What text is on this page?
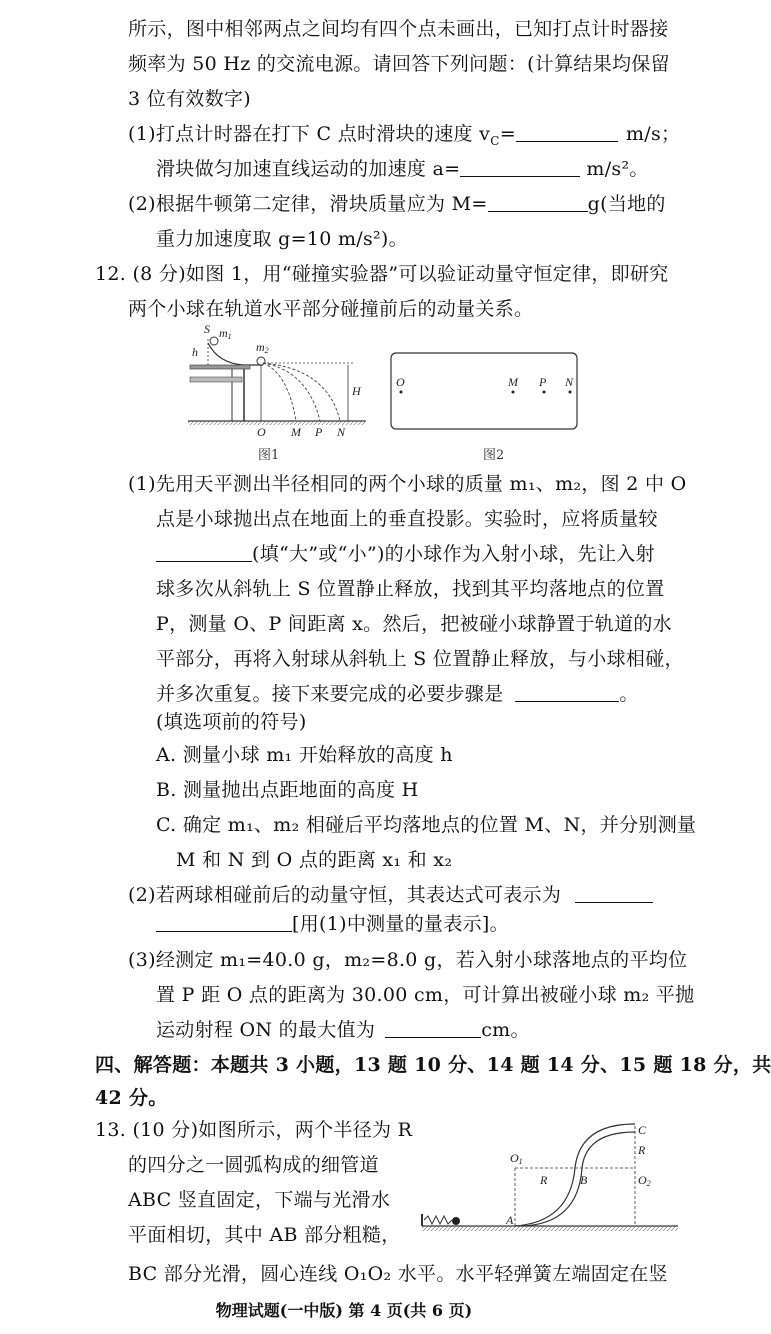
所示，图中相邻两点之间均有四个点未画出，已知打点计时器接
频率为 50 Hz 的交流电源。请回答下列问题：(计算结果均保留
3 位有效数字)
(1)打点计时器在打下 C 点时滑块的速度 $v_C=$	m/s；
滑块做匀加速直线运动的加速度 a=	m/s²。
(2)根据牛顿第二定律，滑块质量应为 M=	g(当地的
重力加速度取 g=10 m/s²)。
12. (8 分)如图 1，用“碰撞实验器”可以验证动量守恒定律，即研究
两个小球在轨道水平部分碰撞前后的动量关系。
S m1
m2
h
H
O M P N
图1
O	M P N
图2
(1)先用天平测出半径相同的两个小球的质量 m₁、m₂，图 2 中 O
点是小球抛出点在地面上的垂直投影。实验时，应将质量较
(填“大”或“小”)的小球作为入射小球，先让入射
球多次从斜轨上 S 位置静止释放，找到其平均落地点的位置
P，测量 O、P 间距离 x。然后，把被碰小球静置于轨道的水
平部分，再将入射球从斜轨上 S 位置静止释放，与小球相碰，
并多次重复。接下来要完成的必要步骤是	。
(填选项前的符号)
A. 测量小球 m₁ 开始释放的高度 h
B. 测量抛出点距地面的高度 H
C. 确定 m₁、m₂ 相碰后平均落地点的位置 M、N，并分别测量
M 和 N 到 O 点的距离 x₁ 和 x₂
(2)若两球相碰前后的动量守恒，其表达式可表示为
[用(1)中测量的量表示]。
(3)经测定 m₁=40.0 g，m₂=8.0 g，若入射小球落地点的平均位
置 P 距 O 点的距离为 30.00 cm，可计算出被碰小球 m₂ 平抛
运动射程 ON 的最大值为	cm。
四、解答题：本题共 3 小题，13 题 10 分、14 题 14 分、15 题 18 分，共
42 分。
13. (10 分)如图所示，两个半径为 R
的四分之一圆弧构成的细管道
ABC 竖直固定，下端与光滑水
平面相切，其中 AB 部分粗糙，
BC 部分光滑，圆心连线 O₁O₂ 水平。水平轻弹簧左端固定在竖
C
R
O1
R	B	O2
A
物理试题(一中版) 第 4 页(共 6 页)
